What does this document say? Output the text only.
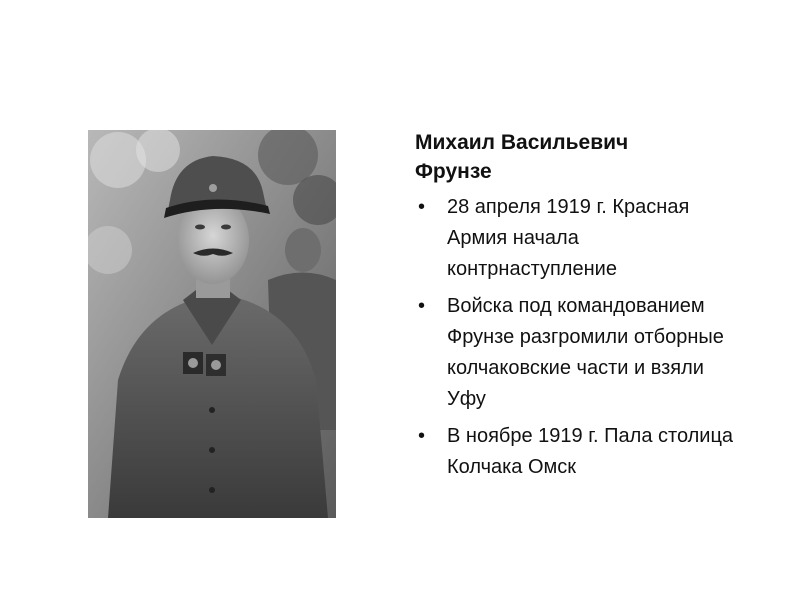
Михаил Васильевич Фрунзе
• 28 апреля 1919 г. Красная Армия начала контрнаступление
• Войска под командованием Фрунзе разгромили отборные колчаковские части и взяли Уфу
• В ноябре 1919 г. Пала столица Колчака Омск
